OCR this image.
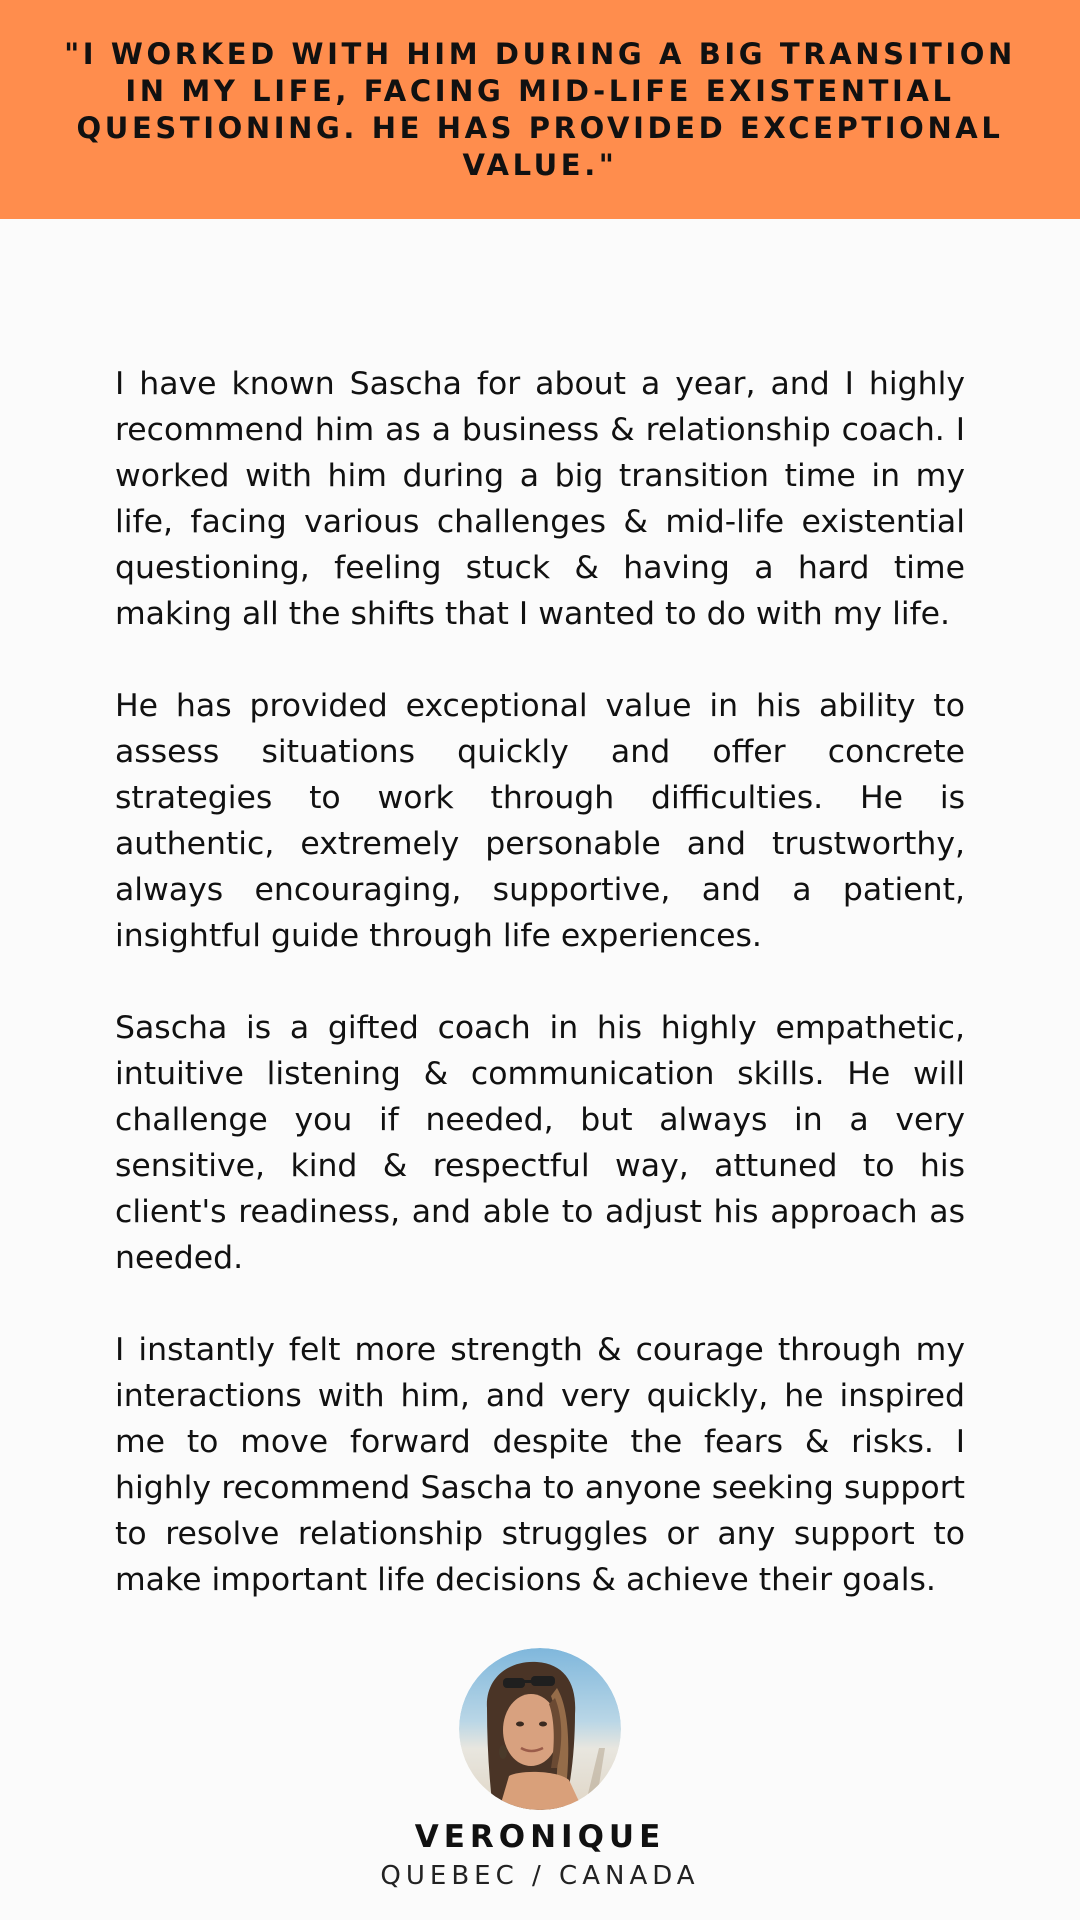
"I WORKED WITH HIM DURING A BIG TRANSITION IN MY LIFE, FACING MID-LIFE EXISTENTIAL QUESTIONING. HE HAS PROVIDED EXCEPTIONAL VALUE."

I have known Sascha for about a year, and I highly recommend him as a business & relationship coach. I worked with him during a big transition time in my life, facing various challenges & mid-life existential questioning, feeling stuck & having a hard time making all the shifts that I wanted to do with my life.

He has provided exceptional value in his ability to assess situations quickly and offer concrete strategies to work through difficulties. He is authentic, extremely personable and trustworthy, always encouraging, supportive, and a patient, insightful guide through life experiences.

Sascha is a gifted coach in his highly empathetic, intuitive listening & communication skills. He will challenge you if needed, but always in a very sensitive, kind & respectful way, attuned to his client's readiness, and able to adjust his approach as needed.

I instantly felt more strength & courage through my interactions with him, and very quickly, he inspired me to move forward despite the fears & risks. I highly recommend Sascha to anyone seeking support to resolve relationship struggles or any support to make important life decisions & achieve their goals.

VERONIQUE
QUEBEC / CANADA
